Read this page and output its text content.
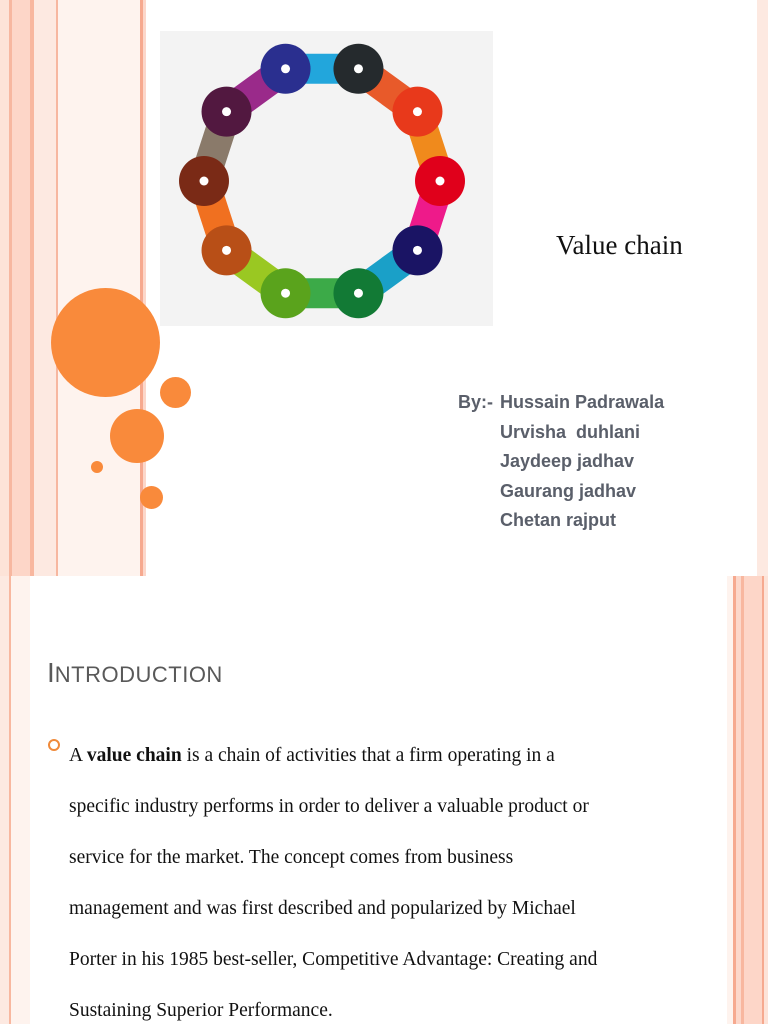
Value chain
By:- Hussain Padrawala
Urvisha  duhlani
Jaydeep jadhav
Gaurang jadhav
Chetan rajput
INTRODUCTION
A value chain is a chain of activities that a firm operating in a
specific industry performs in order to deliver a valuable product or
service for the market. The concept comes from business
management and was first described and popularized by Michael
Porter in his 1985 best-seller, Competitive Advantage: Creating and
Sustaining Superior Performance.
